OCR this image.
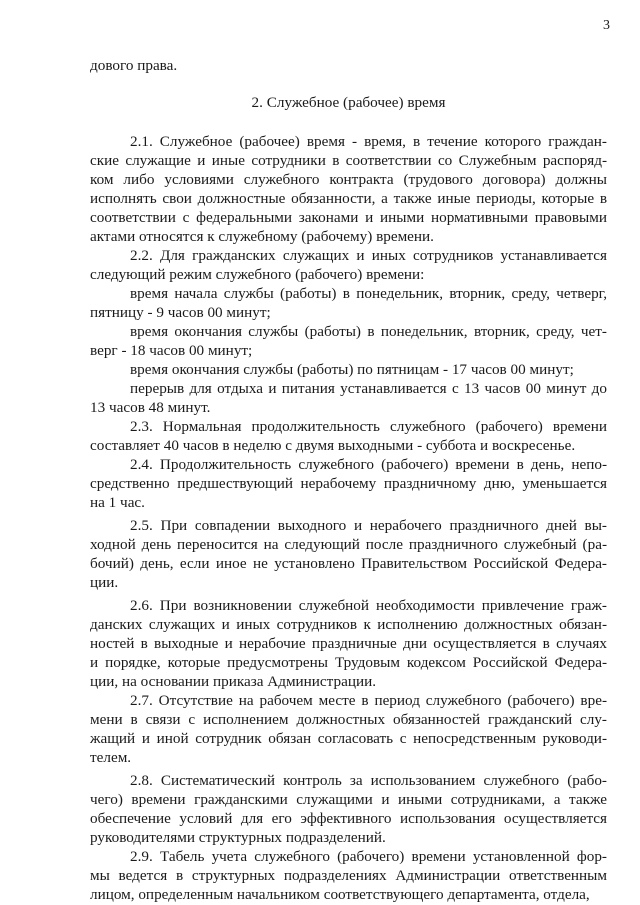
3
дового права.
2. Служебное (рабочее) время
2.1. Служебное (рабочее) время - время, в течение которого граждан-
ские служащие и иные сотрудники в соответствии со Служебным распоряд-
ком либо условиями служебного контракта (трудового договора) должны
исполнять свои должностные обязанности, а также иные периоды, которые в
соответствии с федеральными законами и иными нормативными правовыми
актами относятся к служебному (рабочему) времени.
2.2. Для гражданских служащих и иных сотрудников устанавливается
следующий режим служебного (рабочего) времени:
время начала службы (работы) в понедельник, вторник, среду, четверг,
пятницу - 9 часов 00 минут;
время окончания службы (работы) в понедельник, вторник, среду, чет-
верг - 18 часов 00 минут;
время окончания службы (работы) по пятницам - 17 часов 00 минут;
перерыв для отдыха и питания устанавливается с 13 часов 00 минут до
13 часов 48 минут.
2.3. Нормальная продолжительность служебного (рабочего) времени
составляет 40 часов в неделю с двумя выходными - суббота и воскресенье.
2.4. Продолжительность служебного (рабочего) времени в день, непо-
средственно предшествующий нерабочему праздничному дню, уменьшается
на 1 час.
2.5. При совпадении выходного и нерабочего праздничного дней вы-
ходной день переносится на следующий после праздничного служебный (ра-
бочий) день, если иное не установлено Правительством Российской Федера-
ции.
2.6. При возникновении служебной необходимости привлечение граж-
данских служащих и иных сотрудников к исполнению должностных обязан-
ностей в выходные и нерабочие праздничные дни осуществляется в случаях
и порядке, которые предусмотрены Трудовым кодексом Российской Федера-
ции, на основании приказа Администрации.
2.7. Отсутствие на рабочем месте в период служебного (рабочего) вре-
мени в связи с исполнением должностных обязанностей гражданский слу-
жащий и иной сотрудник обязан согласовать с непосредственным руководи-
телем.
2.8. Систематический контроль за использованием служебного (рабо-
чего) времени гражданскими служащими и иными сотрудниками, а также
обеспечение условий для его эффективного использования осуществляется
руководителями структурных подразделений.
2.9. Табель учета служебного (рабочего) времени установленной фор-
мы ведется в структурных подразделениях Администрации ответственным
лицом, определенным начальником соответствующего департамента, отдела,
